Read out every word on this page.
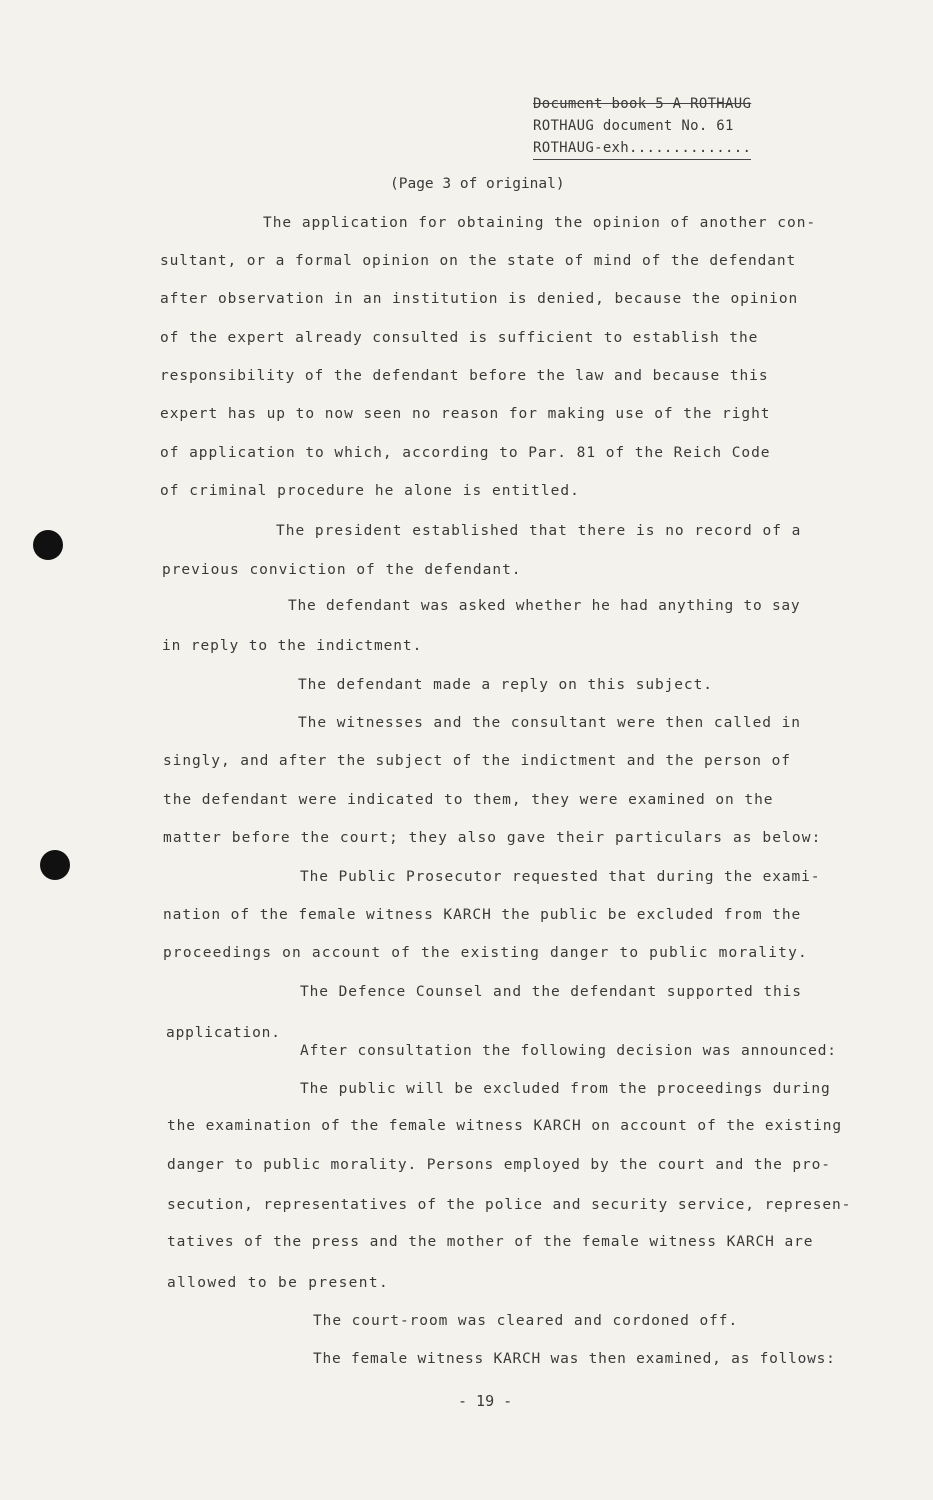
Document book 5 A ROTHAUG
ROTHAUG document No. 61
ROTHAUG-exh..............
(Page 3 of original)
The application for obtaining the opinion of another con-
sultant, or a formal opinion on the state of mind of the defendant
after observation in an institution is denied, because the opinion
of the expert already consulted is sufficient to establish the
responsibility of the defendant before the law and because this
expert has up to now seen no reason for making use of the right
of application to which, according to Par. 81 of the Reich Code
of criminal procedure he alone is entitled.
The president established that there is no record of a
previous conviction of the defendant.
The defendant was asked whether he had anything to say
in reply to the indictment.
The defendant made a reply on this subject.
The witnesses and the consultant were then called in
singly, and after the subject of the indictment and the person of
the defendant were indicated to them, they were examined on the
matter before the court; they also gave their particulars as below:
The Public Prosecutor requested that during the exami-
nation of the female witness KARCH the public be excluded from the
proceedings on account of the existing danger to public morality.
The Defence Counsel and the defendant supported this
application.
After consultation the following decision was announced:
The public will be excluded from the proceedings during
the examination of the female witness KARCH on account of the existing
danger to public morality. Persons employed by the court and the pro-
secution, representatives of the police and security service, represen-
tatives of the press and the mother of the female witness KARCH are
allowed to be present.
The court-room was cleared and cordoned off.
The female witness KARCH was then examined, as follows:
- 19 -
